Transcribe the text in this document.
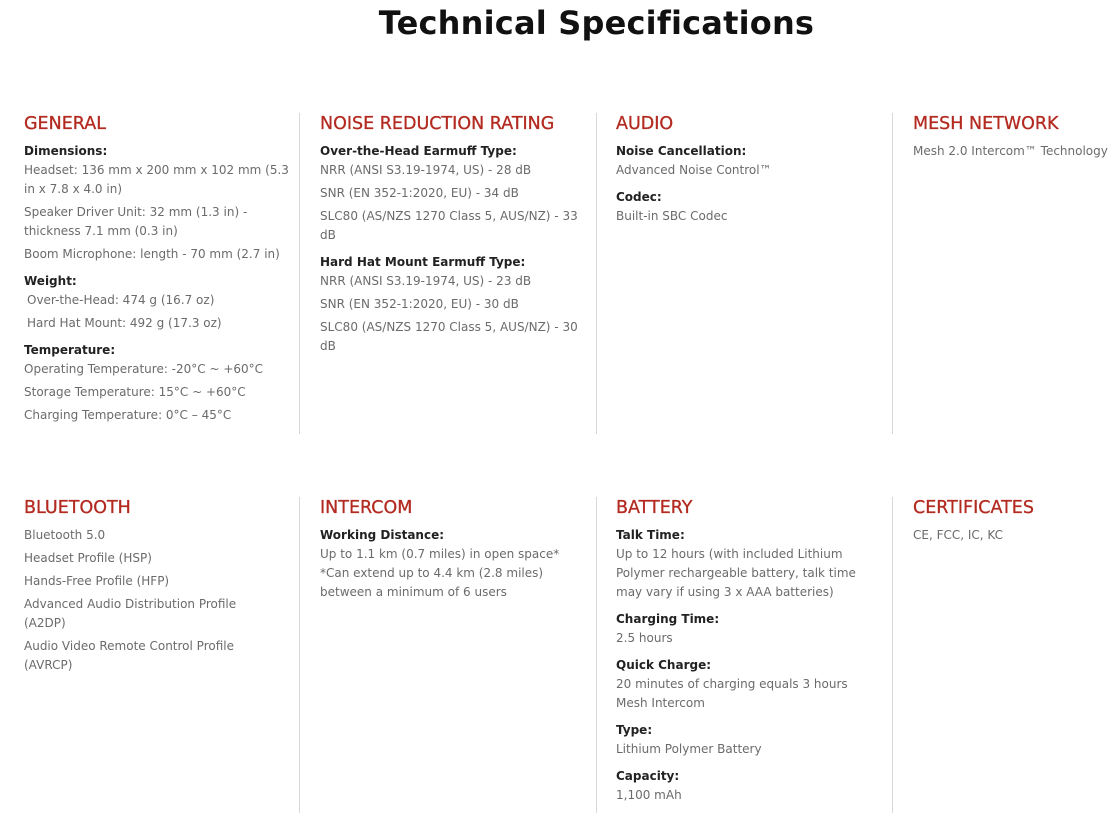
Technical Specifications
GENERAL

Dimensions:

Headset: 136 mm x 200 mm x 102 mm (5.3 in x 7.8 x 4.0 in)

Speaker Driver Unit: 32 mm (1.3 in) - thickness 7.1 mm (0.3 in)

Boom Microphone: length - 70 mm (2.7 in)

Weight:

Over-the-Head: 474 g (16.7 oz)

Hard Hat Mount: 492 g (17.3 oz)

Temperature:

Operating Temperature: -20°C ~ +60°C

Storage Temperature: 15°C ~ +60°C

Charging Temperature: 0°C – 45°C

NOISE REDUCTION RATING

Over-the-Head Earmuff Type:

NRR (ANSI S3.19-1974, US) - 28 dB

SNR (EN 352-1:2020, EU) - 34 dB

SLC80 (AS/NZS 1270 Class 5, AUS/NZ) - 33 dB

Hard Hat Mount Earmuff Type:

NRR (ANSI S3.19-1974, US) - 23 dB

SNR (EN 352-1:2020, EU) - 30 dB

SLC80 (AS/NZS 1270 Class 5, AUS/NZ) - 30 dB

AUDIO

Noise Cancellation:

Advanced Noise Control™

Codec:

Built-in SBC Codec

MESH NETWORK

Mesh 2.0 Intercom™ Technology

BLUETOOTH

Bluetooth 5.0

Headset Profile (HSP)

Hands-Free Profile (HFP)

Advanced Audio Distribution Profile (A2DP)

Audio Video Remote Control Profile (AVRCP)

INTERCOM

Working Distance:

Up to 1.1 km (0.7 miles) in open space*

*Can extend up to 4.4 km (2.8 miles) between a minimum of 6 users

BATTERY

Talk Time:

Up to 12 hours (with included Lithium Polymer rechargeable battery, talk time may vary if using 3 x AAA batteries)

Charging Time:

2.5 hours

Quick Charge:

20 minutes of charging equals 3 hours Mesh Intercom

Type:

Lithium Polymer Battery

Capacity:

1,100 mAh

CERTIFICATES

CE, FCC, IC, KC
